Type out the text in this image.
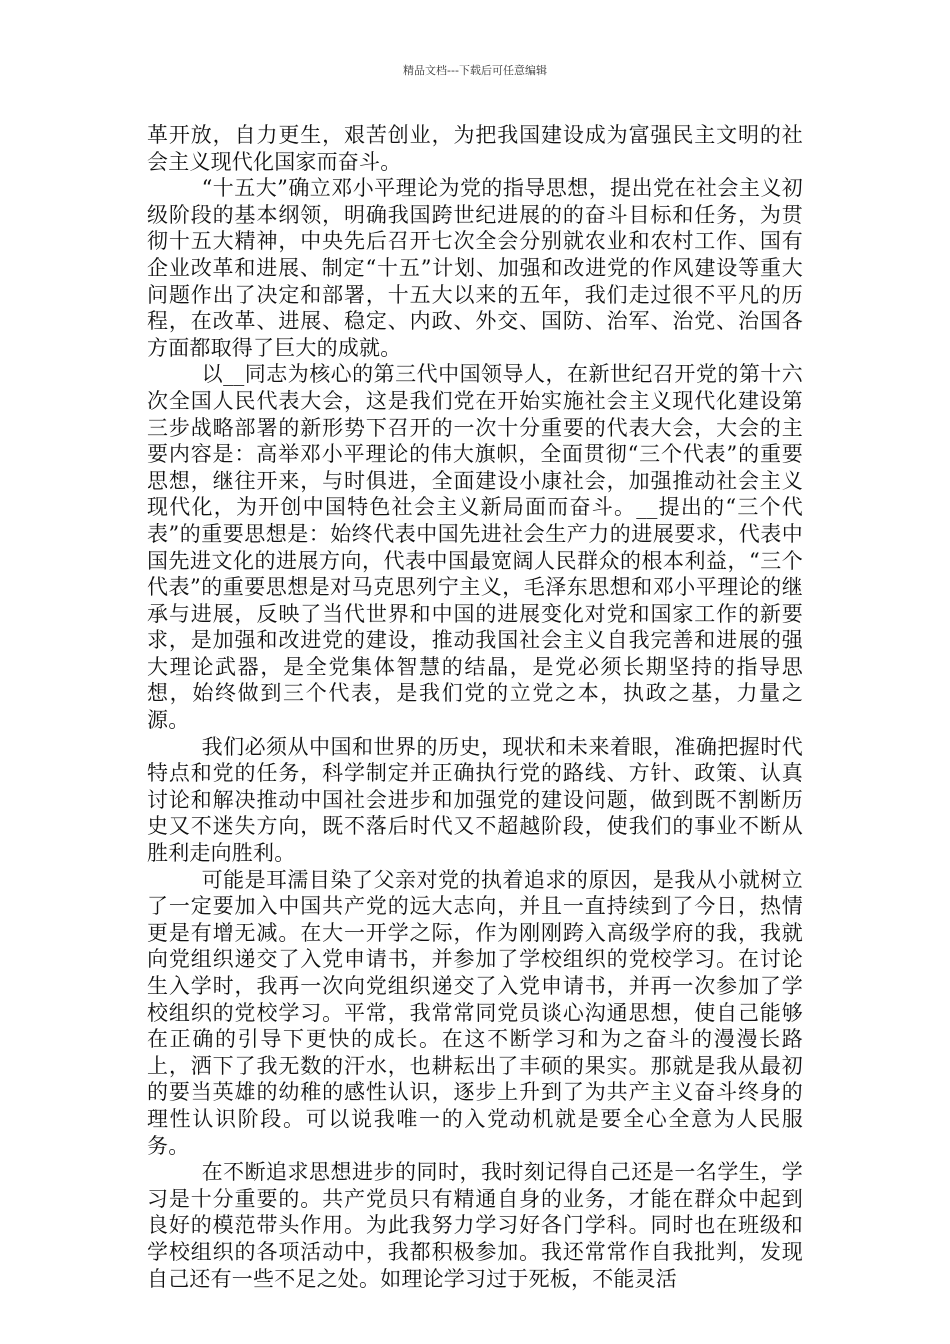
精品文档---下载后可任意编辑

革开放，自力更生，艰苦创业，为把我国建设成为富强民主文明的社会主义现代化国家而奋斗。

“十五大”确立邓小平理论为党的指导思想，提出党在社会主义初级阶段的基本纲领，明确我国跨世纪进展的的奋斗目标和任务，为贯彻十五大精神，中央先后召开七次全会分别就农业和农村工作、国有企业改革和进展、制定“十五”计划、加强和改进党的作风建设等重大问题作出了决定和部署，十五大以来的五年，我们走过很不平凡的历程，在改革、进展、稳定、内政、外交、国防、治军、治党、治国各方面都取得了巨大的成就。

以__同志为核心的第三代中国领导人，在新世纪召开党的第十六次全国人民代表大会，这是我们党在开始实施社会主义现代化建设第三步战略部署的新形势下召开的一次十分重要的代表大会，大会的主要内容是：高举邓小平理论的伟大旗帜，全面贯彻“三个代表”的重要思想，继往开来，与时俱进，全面建设小康社会，加强推动社会主义现代化，为开创中国特色社会主义新局面而奋斗。__提出的“三个代表”的重要思想是：始终代表中国先进社会生产力的进展要求，代表中国先进文化的进展方向，代表中国最宽阔人民群众的根本利益，“三个代表”的重要思想是对马克思列宁主义，毛泽东思想和邓小平理论的继承与进展，反映了当代世界和中国的进展变化对党和国家工作的新要求，是加强和改进党的建设，推动我国社会主义自我完善和进展的强大理论武器，是全党集体智慧的结晶，是党必须长期坚持的指导思想，始终做到三个代表，是我们党的立党之本，执政之基，力量之源。

我们必须从中国和世界的历史，现状和未来着眼，准确把握时代特点和党的任务，科学制定并正确执行党的路线、方针、政策、认真讨论和解决推动中国社会进步和加强党的建设问题，做到既不割断历史又不迷失方向，既不落后时代又不超越阶段，使我们的事业不断从胜利走向胜利。

可能是耳濡目染了父亲对党的执着追求的原因，是我从小就树立了一定要加入中国共产党的远大志向，并且一直持续到了今日，热情更是有增无减。在大一开学之际，作为刚刚跨入高级学府的我，我就向党组织递交了入党申请书，并参加了学校组织的党校学习。在讨论生入学时，我再一次向党组织递交了入党申请书，并再一次参加了学校组织的党校学习。平常，我常常同党员谈心沟通思想，使自己能够在正确的引导下更快的成长。在这不断学习和为之奋斗的漫漫长路上，洒下了我无数的汗水，也耕耘出了丰硕的果实。那就是我从最初的要当英雄的幼稚的感性认识，逐步上升到了为共产主义奋斗终身的理性认识阶段。可以说我唯一的入党动机就是要全心全意为人民服务。

在不断追求思想进步的同时，我时刻记得自己还是一名学生，学习是十分重要的。共产党员只有精通自身的业务，才能在群众中起到良好的模范带头作用。为此我努力学习好各门学科。同时也在班级和学校组织的各项活动中，我都积极参加。我还常常作自我批判，发现自己还有一些不足之处。如理论学习过于死板，不能灵活
